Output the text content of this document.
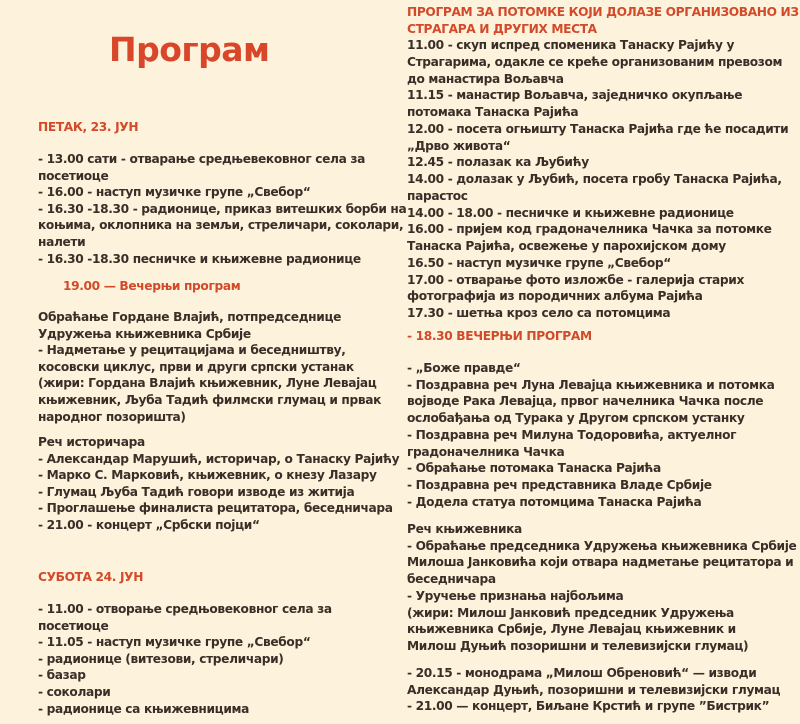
Програм
ПЕТАК, 23. ЈУН
- 13.00 сати - отварање средњевековног села за
посетиоце
- 16.00 - наступ музичке групе „Свебор“
- 16.30 -18.30 - радионице, приказ витешких борби на
коњима, оклопника на земљи, стреличари, соколари,
налети
- 16.30 -18.30 песничке и књижевне радионице
19.00 — Вечерњи програм
Обраћање Гордане Влајић, потпредседнице
Удружења књижевника Србије
- Надметање у рецитацијама и беседништву,
косовски циклус, први и други српски устанак
(жири: Гордана Влајић књижевник, Луне Левајац
књижевник, Љуба Тадић филмски глумац и првак
народног позоришта)
Реч историчара
- Александар Марушић, историчар, о Танаску Рајићу
- Марко С. Марковић, књижевник, о кнезу Лазару
- Глумац Љуба Тадић говори изводе из житија
- Проглашење финалиста рецитатора, беседничара
- 21.00 - концерт „Србски појци“
СУБОТА 24. ЈУН
- 11.00 - отворање средњовековног села за
посетиоце
- 11.05 - наступ музичке групе „Свебор“
- радионице (витезови, стреличари)
- базар
- соколари
- радионице са књижевницима
ПРОГРАМ ЗА ПОТОМКЕ КОЈИ ДОЛАЗЕ ОРГАНИЗОВАНО ИЗ
СТРАГАРА И ДРУГИХ МЕСТА
11.00 - скуп испред споменика Танаску Рајићу у
Страгарима, одакле се креће организованим превозом
до манастира Вољавча
11.15 - манастир Вољавча, заједничко окупљање
потомака Танаска Рајића
12.00 - посета огњишту Танаска Рајића где ће посадити
„Дрво живота“
12.45 - полазак ка Љубићу
14.00 - долазак у Љубић, посета гробу Танаска Рајића,
парастос
14.00 - 18.00 - песничке и књижевне радионице
16.00 - пријем код градоначелника Чачка за потомке
Танаска Рајића, освежење у парохијском дому
16.50 - наступ музичке групе „Свебор“
17.00 - отварање фото изложбе - галерија старих
фотографија из породичних албума Рајића
17.30 - шетња кроз село са потомцима
- 18.30 ВЕЧЕРЊИ ПРОГРАМ
- „Боже правде“
- Поздравна реч Луна Левајца књижевника и потомка
војводе Рака Левајца, првог начелника Чачка после
ослобађања од Турака у Другом српском устанку
- Поздравна реч Милуна Тодоровића, актуелног
градоначелника Чачка
- Обраћање потомака Танаска Рајића
- Поздравна реч представника Владе Србије
- Додела статуа потомцима Танаска Рајића
Реч књижевника
- Обраћање председника Удружења књижевника Србије
Милоша Јанковића који отвара надметање рецитатора и
беседничара
- Уручење признања најбољима
(жири: Милош Јанковић председник Удружења
књижевника Србије, Луне Левајац књижевник и
Милош Дуњић позоришни и телевизијски глумац)
- 20.15 - монодрама „Милош Обреновић“ — изводи
Александар Дуњић, позоришни и телевизијски глумац
- 21.00 — концерт, Биљане Крстић и групе ”Бистрик”
